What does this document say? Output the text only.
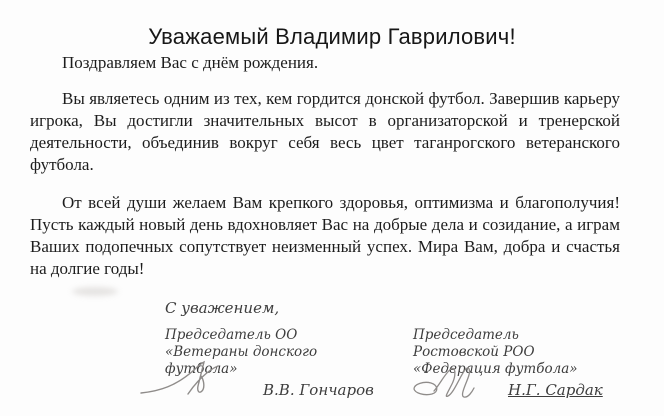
Уважаемый Владимир Гаврилович!

Поздравляем Вас с днём рождения.

Вы являетесь одним из тех, кем гордится донской футбол. Завершив карьеру игрока, Вы достигли значительных высот в организаторской и тренерской деятельности, объединив вокруг себя весь цвет таганрогского ветеранского футбола.

От всей души желаем Вам крепкого здоровья, оптимизма и благополучия! Пусть каждый новый день вдохновляет Вас на добрые дела и созидание, а играм Ваших подопечных сопутствует неизменный успех. Мира Вам, добра и счастья на долгие годы!

С уважением,
Председатель ОО «Ветераны донского футбола»
Председатель Ростовской РОО «Федерация футбола»
В.В. Гончаров	Н.Г. Сардак
